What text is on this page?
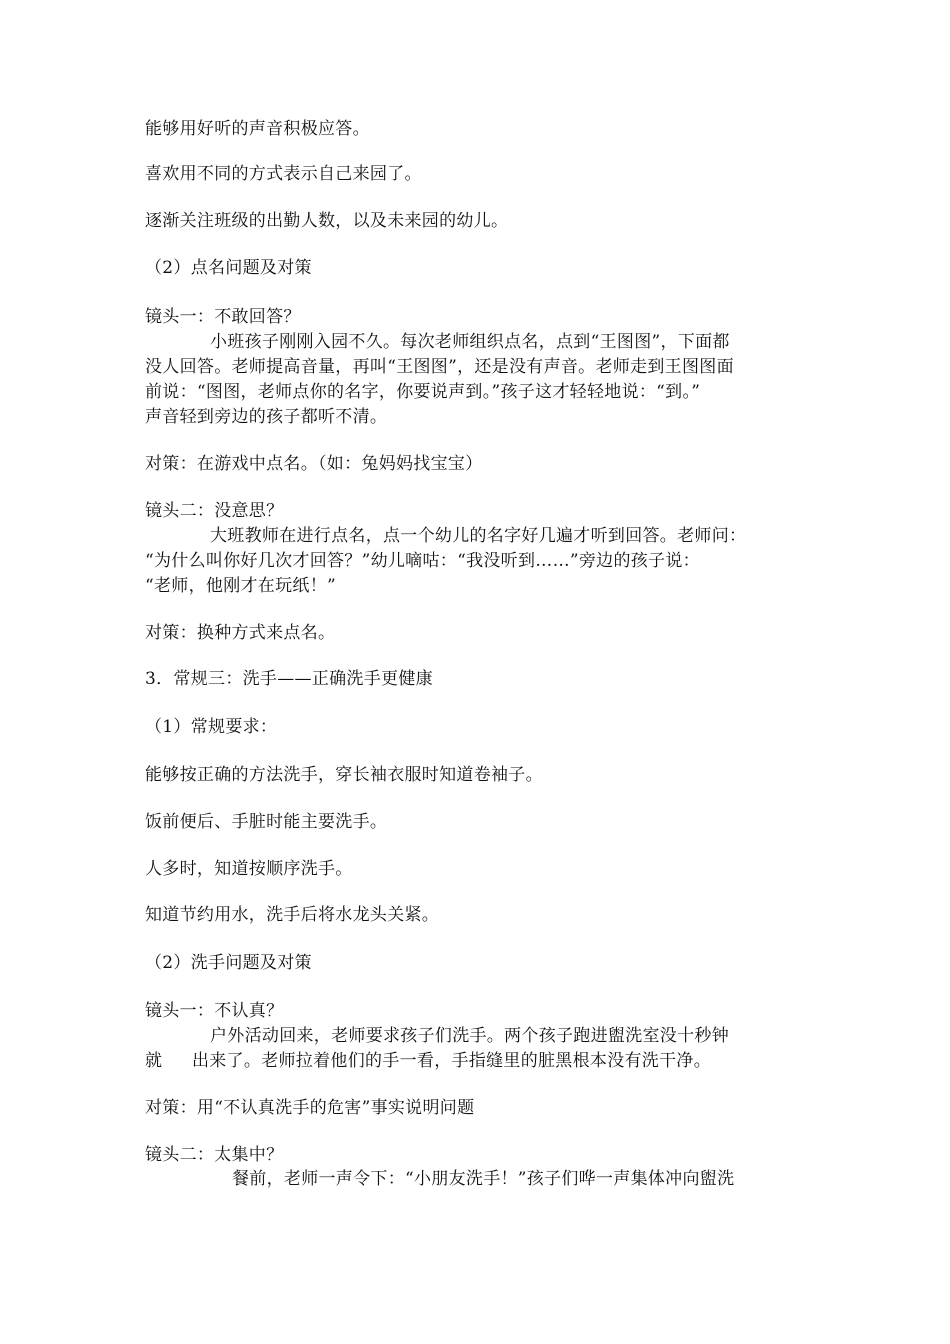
能够用好听的声音积极应答。
喜欢用不同的方式表示自己来园了。
逐渐关注班级的出勤人数，以及未来园的幼儿。
（2）点名问题及对策
镜头一：不敢回答？
小班孩子刚刚入园不久。每次老师组织点名，点到“王图图”，下面都
没人回答。老师提高音量，再叫“王图图”，还是没有声音。老师走到王图图面
前说：“图图，老师点你的名字，你要说声到。”孩子这才轻轻地说：“到。”
声音轻到旁边的孩子都听不清。
对策：在游戏中点名。（如：兔妈妈找宝宝）
镜头二：没意思？
大班教师在进行点名，点一个幼儿的名字好几遍才听到回答。老师问：
“为什么叫你好几次才回答？”幼儿嘀咕：“我没听到……”旁边的孩子说：
“老师，他刚才在玩纸！”
对策：换种方式来点名。
3．常规三：洗手——正确洗手更健康
（1）常规要求：
能够按正确的方法洗手，穿长袖衣服时知道卷袖子。
饭前便后、手脏时能主要洗手。
人多时，知道按顺序洗手。
知道节约用水，洗手后将水龙头关紧。
（2）洗手问题及对策
镜头一：不认真？
户外活动回来，老师要求孩子们洗手。两个孩子跑进盥洗室没十秒钟
就 出来了。老师拉着他们的手一看，手指缝里的脏黑根本没有洗干净。
对策：用“不认真洗手的危害”事实说明问题
镜头二：太集中？
餐前，老师一声令下：“小朋友洗手！”孩子们哗一声集体冲向盥洗
